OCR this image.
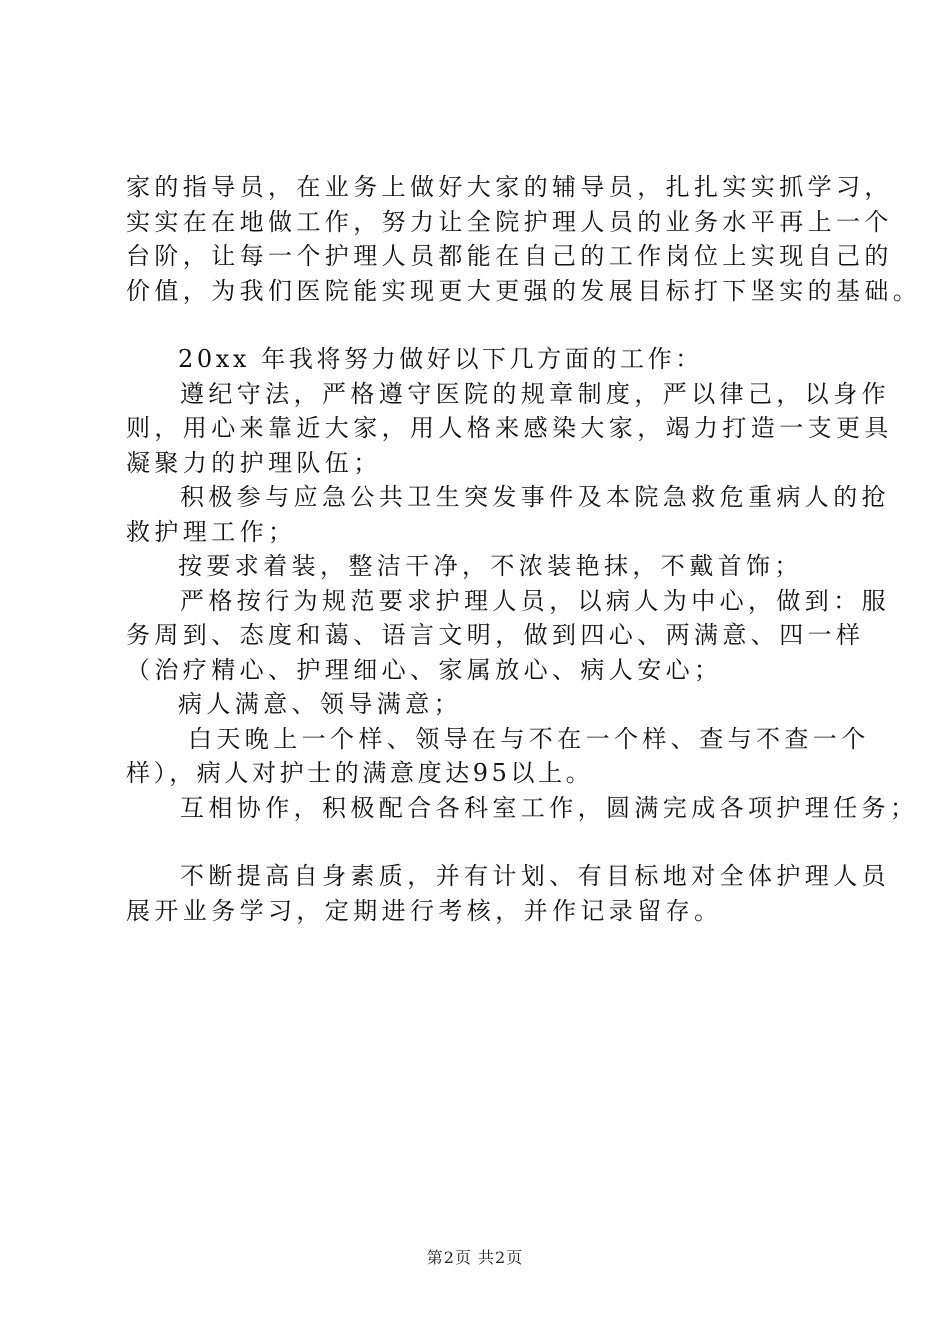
家的指导员，在业务上做好大家的辅导员，扎扎实实抓学习，
实实在在地做工作，努力让全院护理人员的业务水平再上一个
台阶，让每一个护理人员都能在自己的工作岗位上实现自己的
价值，为我们医院能实现更大更强的发展目标打下坚实的基础。
20xx 年我将努力做好以下几方面的工作：
遵纪守法，严格遵守医院的规章制度，严以律己，以身作
则，用心来靠近大家，用人格来感染大家，竭力打造一支更具
凝聚力的护理队伍；
积极参与应急公共卫生突发事件及本院急救危重病人的抢
救护理工作；
按要求着装，整洁干净，不浓装艳抹，不戴首饰；
严格按行为规范要求护理人员，以病人为中心，做到：服
务周到、态度和蔼、语言文明，做到四心、两满意、四一样
（治疗精心、护理细心、家属放心、病人安心；
病人满意、领导满意；
白天晚上一个样、领导在与不在一个样、查与不查一个
样），病人对护士的满意度达95以上。
互相协作，积极配合各科室工作，圆满完成各项护理任务；
不断提高自身素质，并有计划、有目标地对全体护理人员
展开业务学习，定期进行考核，并作记录留存。
第2页 共2页
